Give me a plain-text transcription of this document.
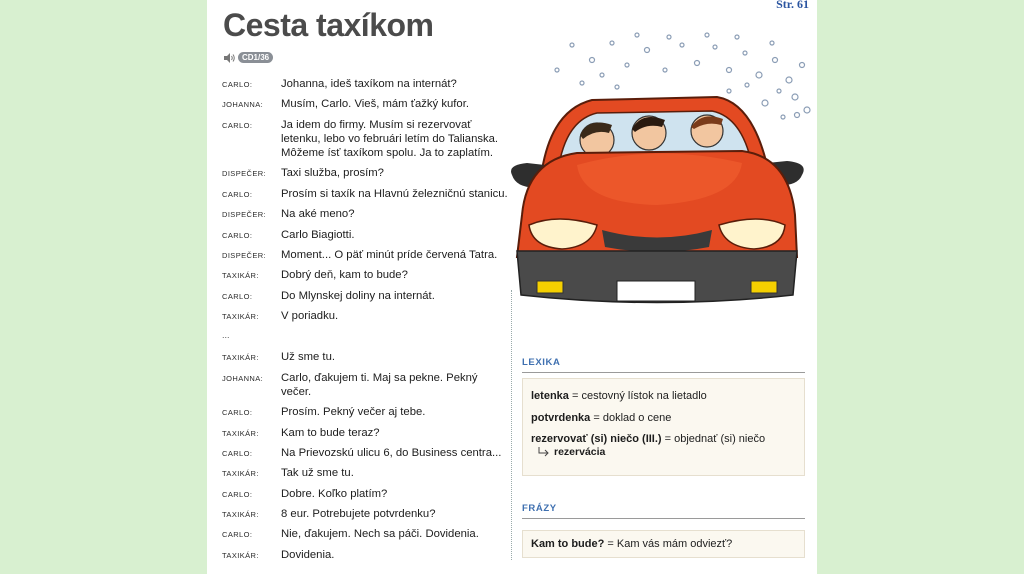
Str. 61
Cesta taxíkom
CD1/36
CARLO:	Johanna, ideš taxíkom na internát?
JOHANNA: Musím, Carlo. Vieš, mám ťažký kufor.
CARLO:	Ja idem do firmy. Musím si rezervovať letenku, lebo vo februári letím do Talianska. Môžeme ísť taxíkom spolu. Ja to zaplatím.
DISPEČER: Taxi služba, prosím?
CARLO:	Prosím si taxík na Hlavnú železničnú stanicu.
DISPEČER: Na aké meno?
CARLO:	Carlo Biagiotti.
DISPEČER: Moment... O päť minút príde červená Tatra.
TAXIKÁR: Dobrý deň, kam to bude?
CARLO:	Do Mlynskej doliny na internát.
TAXIKÁR: V poriadku.
...
TAXIKÁR: Už sme tu.
JOHANNA: Carlo, ďakujem ti. Maj sa pekne. Pekný večer.
CARLO:	Prosím. Pekný večer aj tebe.
TAXIKÁR: Kam to bude teraz?
CARLO:	Na Prievozskú ulicu 6, do Business centra...
TAXIKÁR: Tak už sme tu.
CARLO:	Dobre. Koľko platím?
TAXIKÁR: 8 eur. Potrebujete potvrdenku?
CARLO:	Nie, ďakujem. Nech sa páči. Dovidenia.
TAXIKÁR: Dovidenia.
LEXIKA
letenka = cestovný lístok na lietadlo
potvrdenka = doklad o cene
rezervovať (si) niečo (III.) = objednať (si) niečo
rezervácia
FRÁZY
Kam to bude? = Kam vás mám odviezť?
